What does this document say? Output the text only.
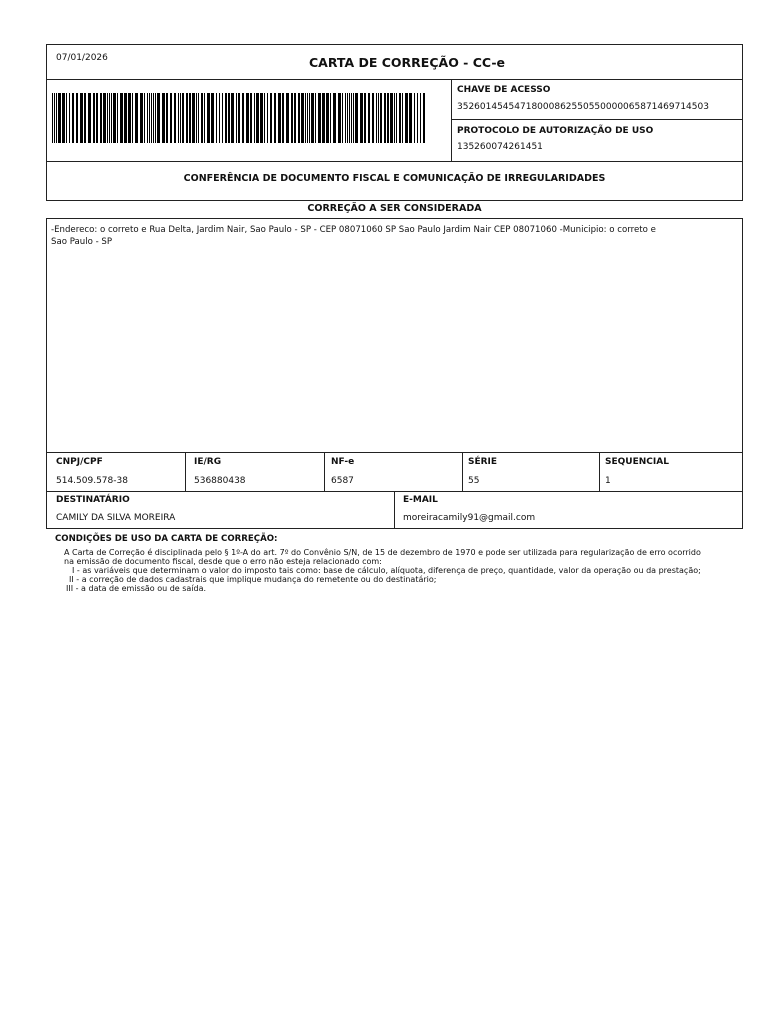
07/01/2026	CARTA DE CORREÇÃO - CC-e
CHAVE DE ACESSO
35260145454718000862550550000065871469714503
PROTOCOLO DE AUTORIZAÇÃO DE USO
135260074261451
CONFERÊNCIA DE DOCUMENTO FISCAL E COMUNICAÇÃO DE IRREGULARIDADES
CORREÇÃO A SER CONSIDERADA
-Endereco: o correto e Rua Delta, Jardim Nair, Sao Paulo - SP - CEP 08071060 SP Sao Paulo Jardim Nair CEP 08071060 -Municipio: o correto e
Sao Paulo - SP
CNPJ/CPF
514.509.578-38
IE/RG
536880438
NF-e
6587
SÉRIE
55
SEQUENCIAL
1
DESTINATÁRIO
CAMILY DA SILVA MOREIRA
E-MAIL
moreiracamily91@gmail.com
CONDIÇÕES DE USO DA CARTA DE CORREÇÃO:
A Carta de Correção é disciplinada pelo § 1º-A do art. 7º do Convênio S/N, de 15 de dezembro de 1970 e pode ser utilizada para regularização de erro ocorrido
na emissão de documento fiscal, desde que o erro não esteja relacionado com:
I - as variáveis que determinam o valor do imposto tais como: base de cálculo, alíquota, diferença de preço, quantidade, valor da operação ou da prestação;
II - a correção de dados cadastrais que implique mudança do remetente ou do destinatário;
III - a data de emissão ou de saída.
